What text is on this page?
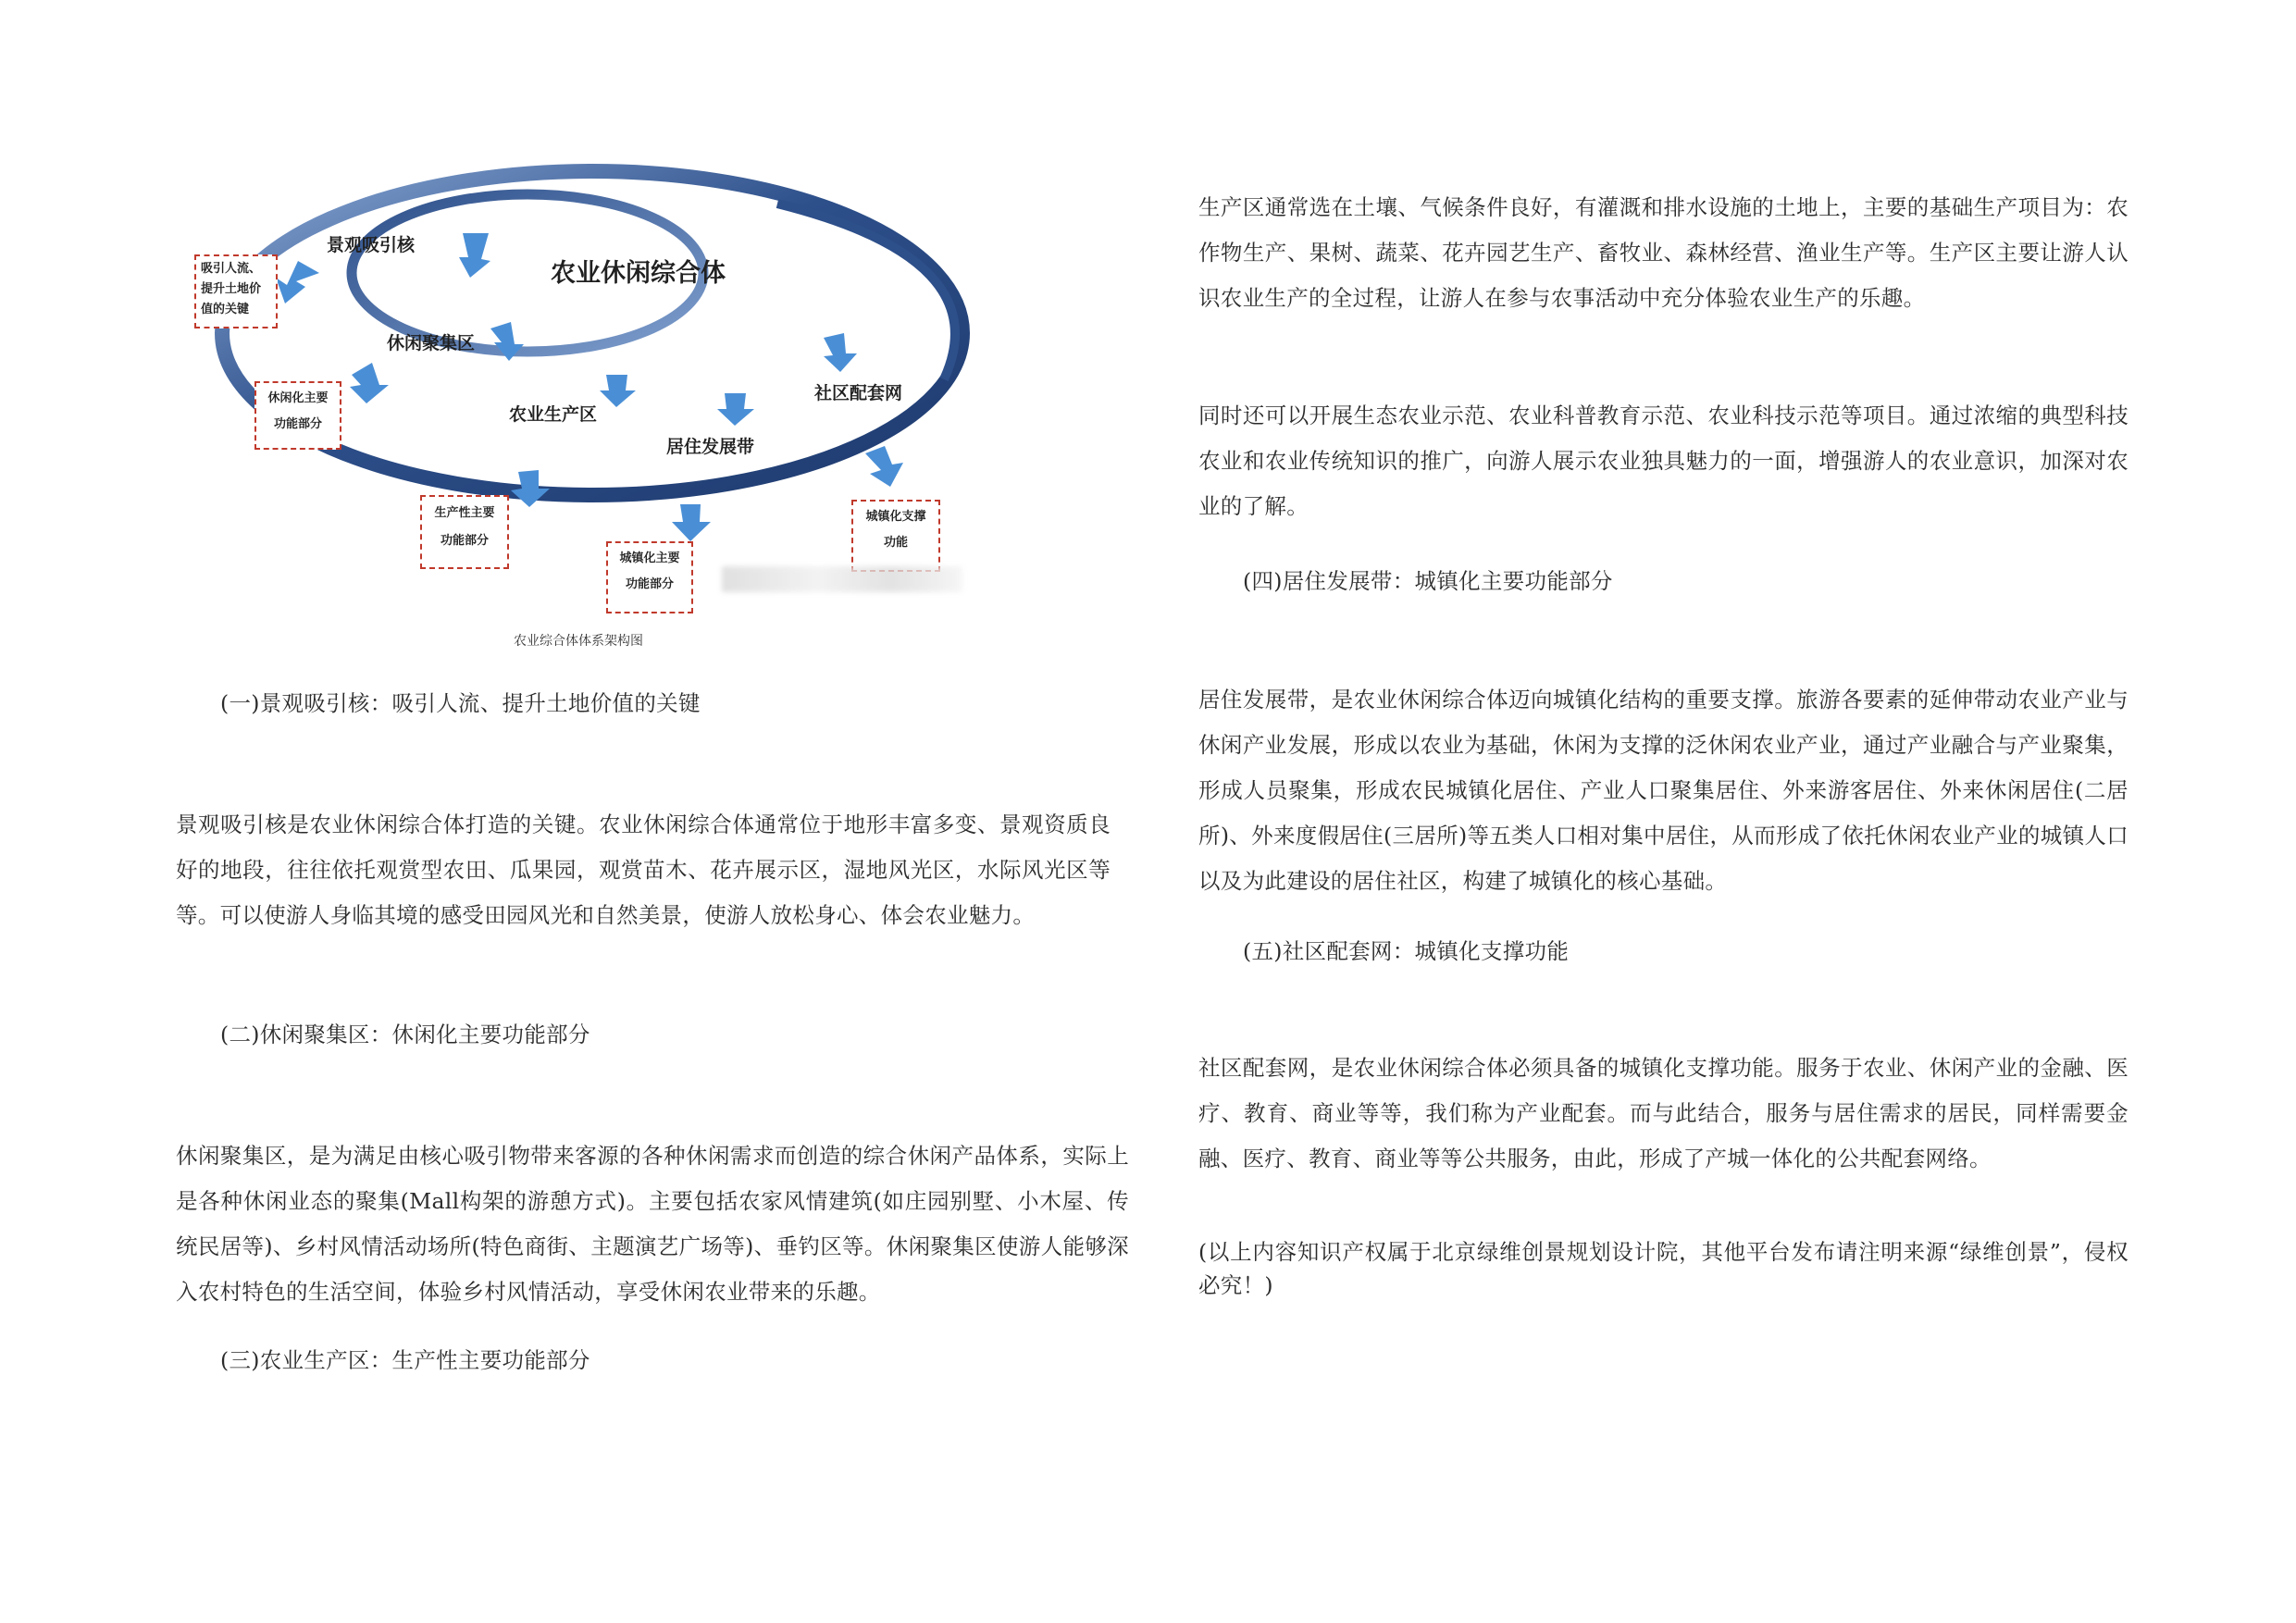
农业休闲综合体
景观吸引核
休闲聚集区
农业生产区
居住发展带
社区配套网
吸引人流、
提升土地价
值的关键
休闲化主要
功能部分
生产性主要
功能部分
城镇化主要
功能部分
城镇化支撑
功能
农业综合体体系架构图

(一)景观吸引核：吸引人流、提升土地价值的关键

景观吸引核是农业休闲综合体打造的关键。农业休闲综合体通常位于地形丰富多变、景观资质良好的地段，往往依托观赏型农田、瓜果园，观赏苗木、花卉展示区，湿地风光区，水际风光区等等。可以使游人身临其境的感受田园风光和自然美景，使游人放松身心、体会农业魅力。

(二)休闲聚集区：休闲化主要功能部分

休闲聚集区，是为满足由核心吸引物带来客源的各种休闲需求而创造的综合休闲产品体系，实际上是各种休闲业态的聚集(Mall构架的游憩方式)。主要包括农家风情建筑(如庄园别墅、小木屋、传统民居等)、乡村风情活动场所(特色商街、主题演艺广场等)、垂钓区等。休闲聚集区使游人能够深入农村特色的生活空间，体验乡村风情活动，享受休闲农业带来的乐趣。

(三)农业生产区：生产性主要功能部分

生产区通常选在土壤、气候条件良好，有灌溉和排水设施的土地上，主要的基础生产项目为：农作物生产、果树、蔬菜、花卉园艺生产、畜牧业、森林经营、渔业生产等。生产区主要让游人认识农业生产的全过程，让游人在参与农事活动中充分体验农业生产的乐趣。

同时还可以开展生态农业示范、农业科普教育示范、农业科技示范等项目。通过浓缩的典型科技农业和农业传统知识的推广，向游人展示农业独具魅力的一面，增强游人的农业意识，加深对农业的了解。

(四)居住发展带：城镇化主要功能部分

居住发展带，是农业休闲综合体迈向城镇化结构的重要支撑。旅游各要素的延伸带动农业产业与休闲产业发展，形成以农业为基础，休闲为支撑的泛休闲农业产业，通过产业融合与产业聚集，形成人员聚集，形成农民城镇化居住、产业人口聚集居住、外来游客居住、外来休闲居住(二居所)、外来度假居住(三居所)等五类人口相对集中居住，从而形成了依托休闲农业产业的城镇人口以及为此建设的居住社区，构建了城镇化的核心基础。

(五)社区配套网：城镇化支撑功能

社区配套网，是农业休闲综合体必须具备的城镇化支撑功能。服务于农业、休闲产业的金融、医疗、教育、商业等等，我们称为产业配套。而与此结合，服务与居住需求的居民，同样需要金融、医疗、教育、商业等等公共服务，由此，形成了产城一体化的公共配套网络。

(以上内容知识产权属于北京绿维创景规划设计院，其他平台发布请注明来源“绿维创景”，侵权必究！)
